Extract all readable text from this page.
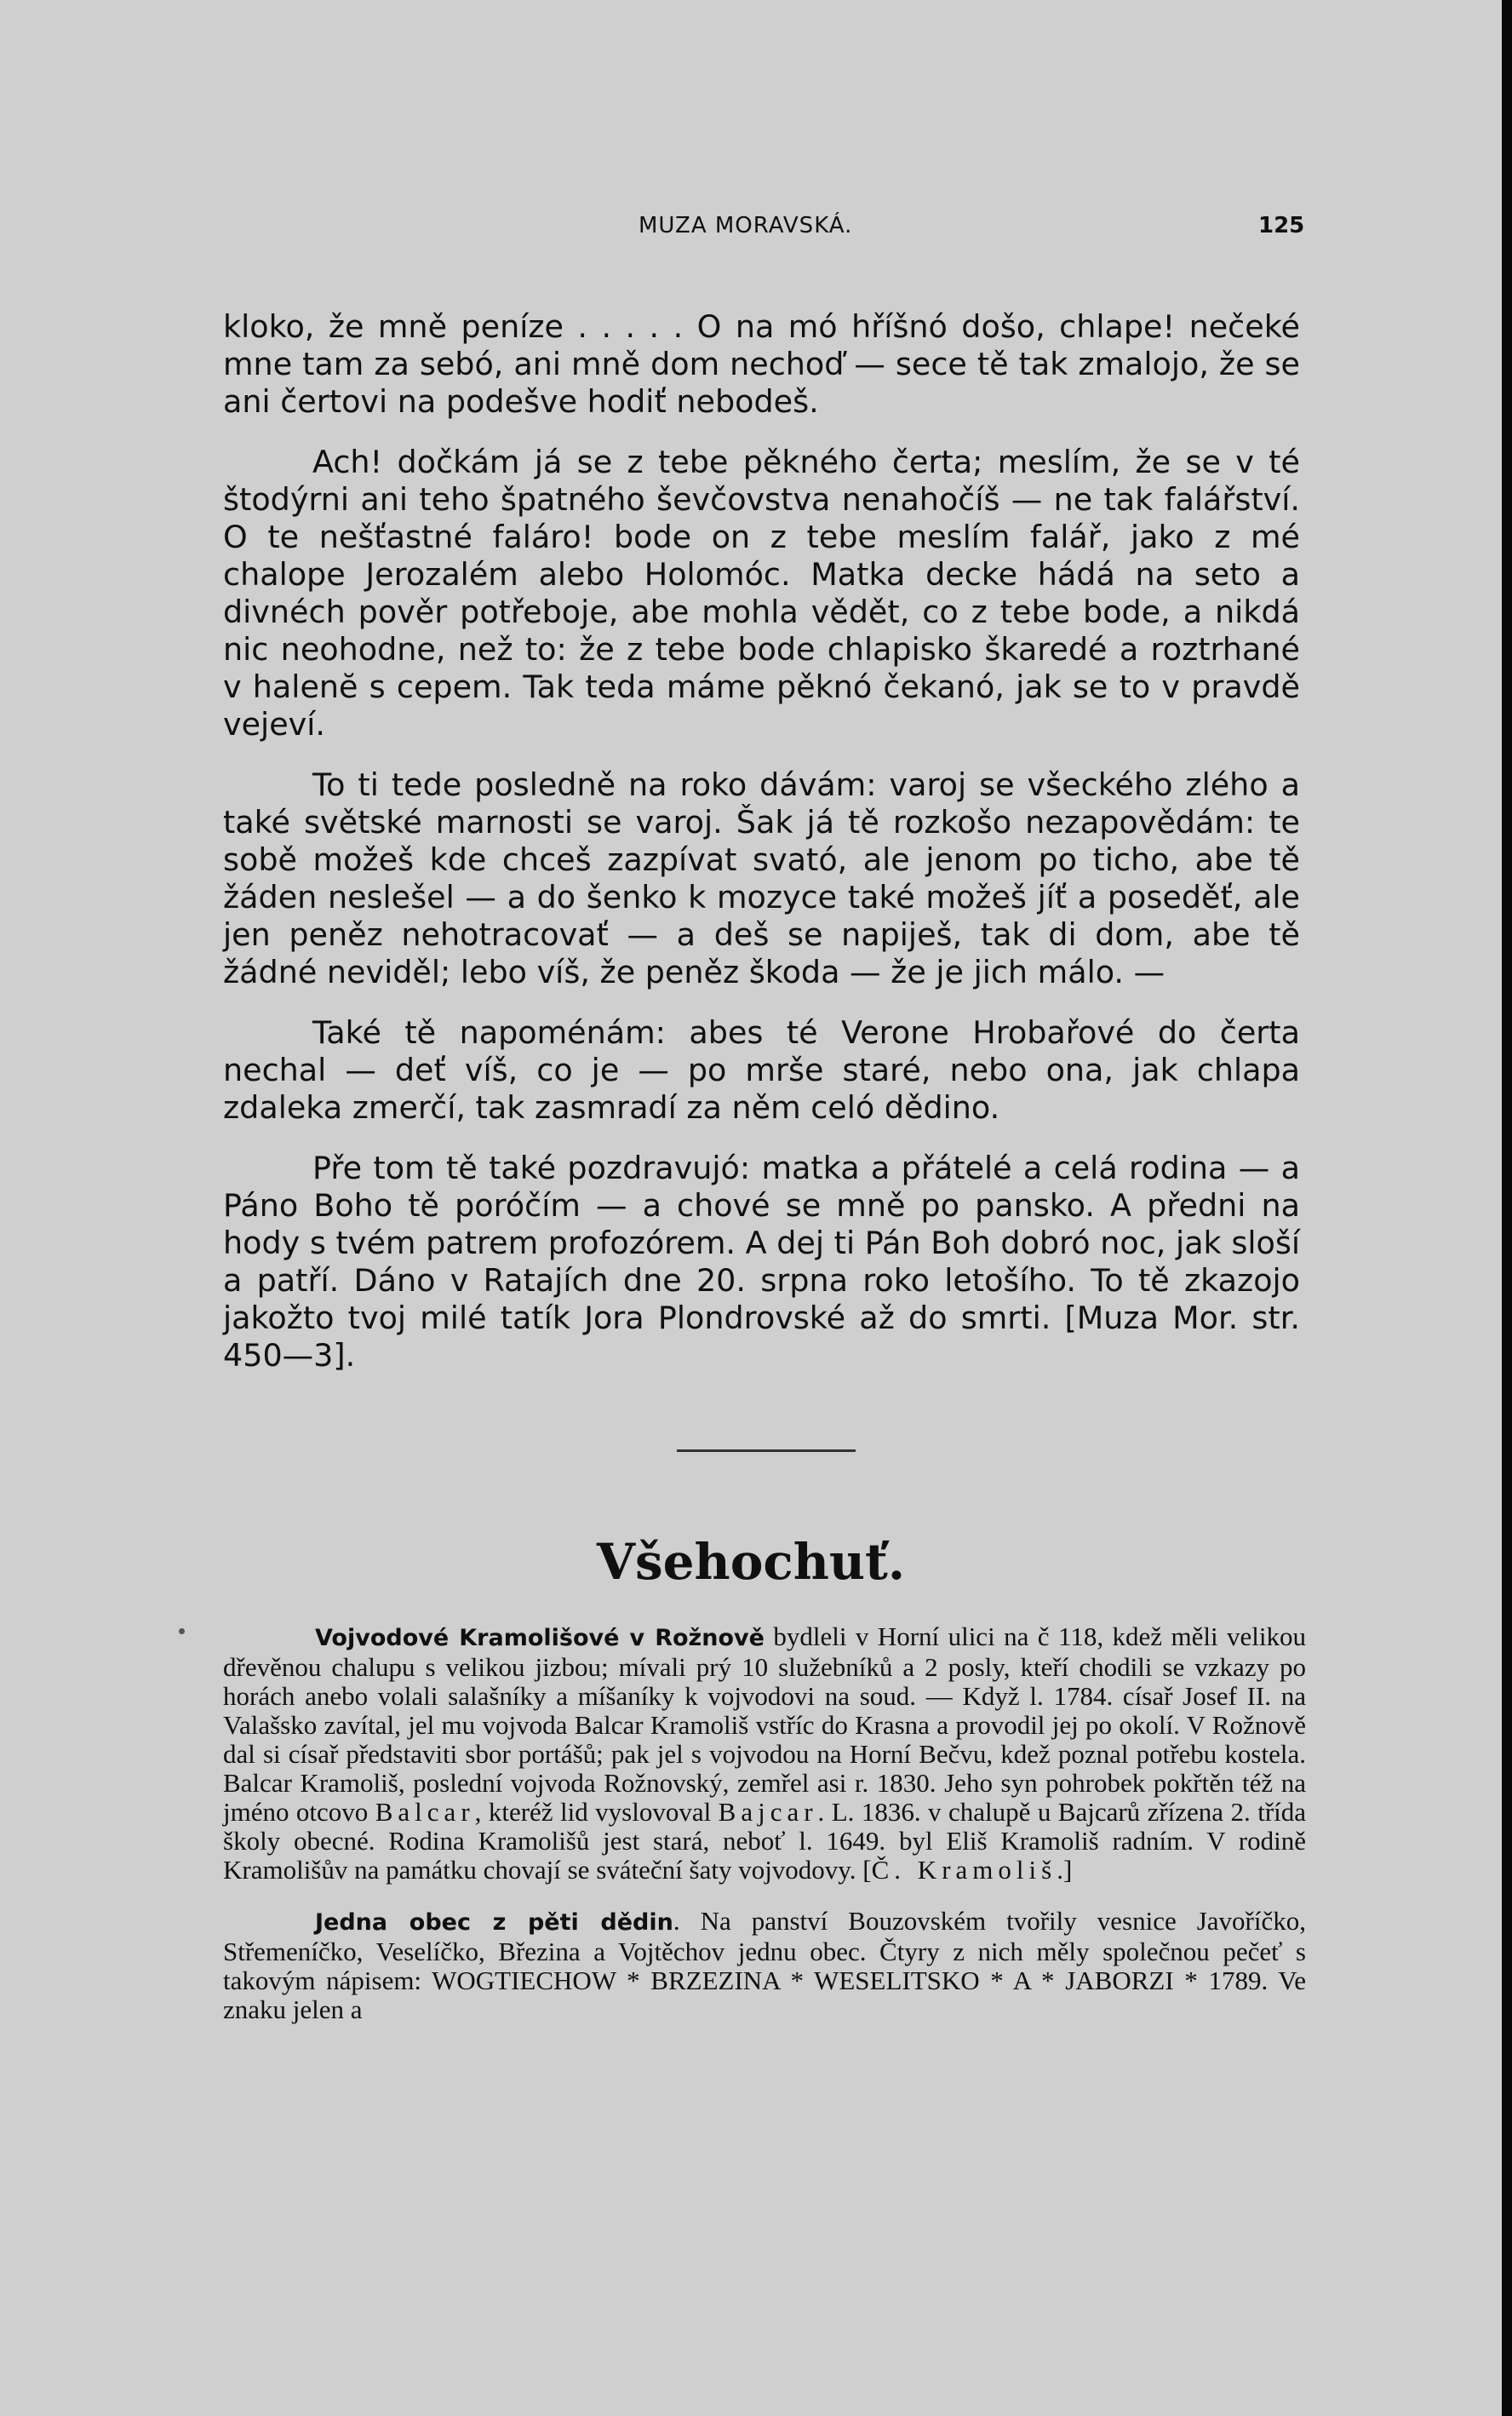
MUZA MORAVSKÁ.	125

kloko, že mně peníze . . . . . O na mó hříšnó došo, chlape! nečeké mne tam za sebó, ani mně dom nechoď — sece tě tak zmalojo, že se ani čertovi na podešve hodiť nebodeš.

Ach! dočkám já se z tebe pěkného čerta; meslím, že se v té štodýrni ani teho špatného ševčovstva nenahočíš — ne tak falářství. O te nešťastné faláro! bode on z tebe meslím falář, jako z mé chalope Jerozalém alebo Holomóc. Matka decke hádá na seto a divnéch pověr potřeboje, abe mohla vědět, co z tebe bode, a nikdá nic neohodne, než to: že z tebe bode chlapisko škaredé a roztrhané v halenĕ s cepem. Tak teda máme pěknó čekanó, jak se to v pravdě vejeví.

To ti tede posledně na roko dávám: varoj se všeckého zlého a také světské marnosti se varoj. Šak já tě rozkošo nezapovědám: te sobě možeš kde chceš zazpívat svató, ale jenom po ticho, abe tě žáden neslešel — a do šenko k mozyce také možeš jíť a poseděť, ale jen peněz nehotracovať — a deš se napiješ, tak di dom, abe tě žádné neviděl; lebo víš, že peněz škoda — že je jich málo. —

Také tě napoménám: abes té Verone Hrobařové do čerta nechal — deť víš, co je — po mrše staré, nebo ona, jak chlapa zdaleka zmerčí, tak zasmradí za něm celó dědino.

Pře tom tě také pozdravujó: matka a přátelé a celá rodina — a Páno Boho tě poróčím — a chové se mně po pansko. A předni na hody s tvém patrem profozórem. A dej ti Pán Boh dobró noc, jak sloší a patří. Dáno v Ratajích dne 20. srpna roko letošího. To tě zkazojo jakožto tvoj milé tatík Jora Plondrovské až do smrti. [Muza Mor. str. 450—3].

Všehochuť.

Vojvodové Kramolišové v Rožnově bydleli v Horní ulici na č 118, kdež měli velikou dřevěnou chalupu s velikou jizbou; mívali prý 10 služebníků a 2 posly, kteří chodili se vzkazy po horách anebo volali salašníky a míšaníky k vojvodovi na soud. — Když l. 1784. císař Josef II. na Valašsko zavítal, jel mu vojvoda Balcar Kramoliš vstříc do Krasna a provodil jej po okolí. V Rožnově dal si císař představiti sbor portášů; pak jel s vojvodou na Horní Bečvu, kdež poznal potřebu kostela. Balcar Kramoliš, poslední vojvoda Rožnovský, zemřel asi r. 1830. Jeho syn pohrobek pokřtěn též na jméno otcovo Balcar, kteréž lid vyslovoval Bajcar. L. 1836. v chalupě u Bajcarů zřízena 2. třída školy obecné. Rodina Kramolišů jest stará, neboť l. 1649. byl Eliš Kramoliš radním. V rodině Kramolišův na památku chovají se sváteční šaty vojvodovy. [Č. Kramoliš.]

Jedna obec z pěti dědin. Na panství Bouzovském tvořily vesnice Javoříčko, Střemeníčko, Veselíčko, Březina a Vojtěchov jednu obec. Čtyry z nich měly společnou pečeť s takovým nápisem: WOGTIECHOW * BRZEZINA * WESELITSKO * A * JABORZI * 1789. Ve znaku jelen a
